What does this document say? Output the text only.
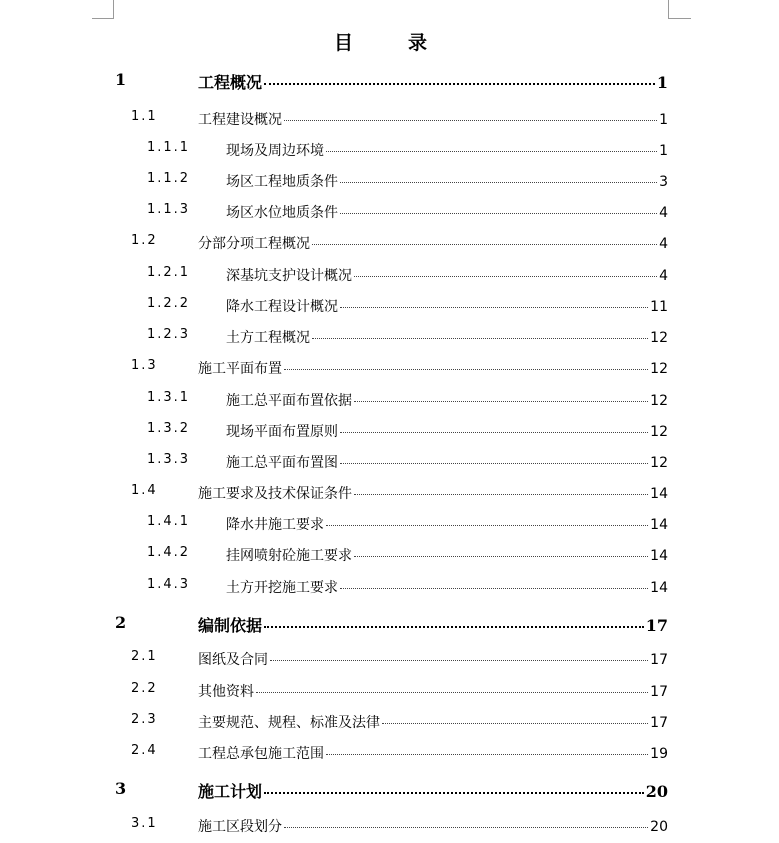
目　录
1	工程概况	1
1.1	工程建设概况	1
1.1.1	现场及周边环境	1
1.1.2	场区工程地质条件	3
1.1.3	场区水位地质条件	4
1.2	分部分项工程概况	4
1.2.1	深基坑支护设计概况	4
1.2.2	降水工程设计概况	11
1.2.3	土方工程概况	12
1.3	施工平面布置	12
1.3.1	施工总平面布置依据	12
1.3.2	现场平面布置原则	12
1.3.3	施工总平面布置图	12
1.4	施工要求及技术保证条件	14
1.4.1	降水井施工要求	14
1.4.2	挂网喷射砼施工要求	14
1.4.3	土方开挖施工要求	14
2	编制依据	17
2.1	图纸及合同	17
2.2	其他资料	17
2.3	主要规范、规程、标准及法律	17
2.4	工程总承包施工范围	19
3	施工计划	20
3.1	施工区段划分	20
